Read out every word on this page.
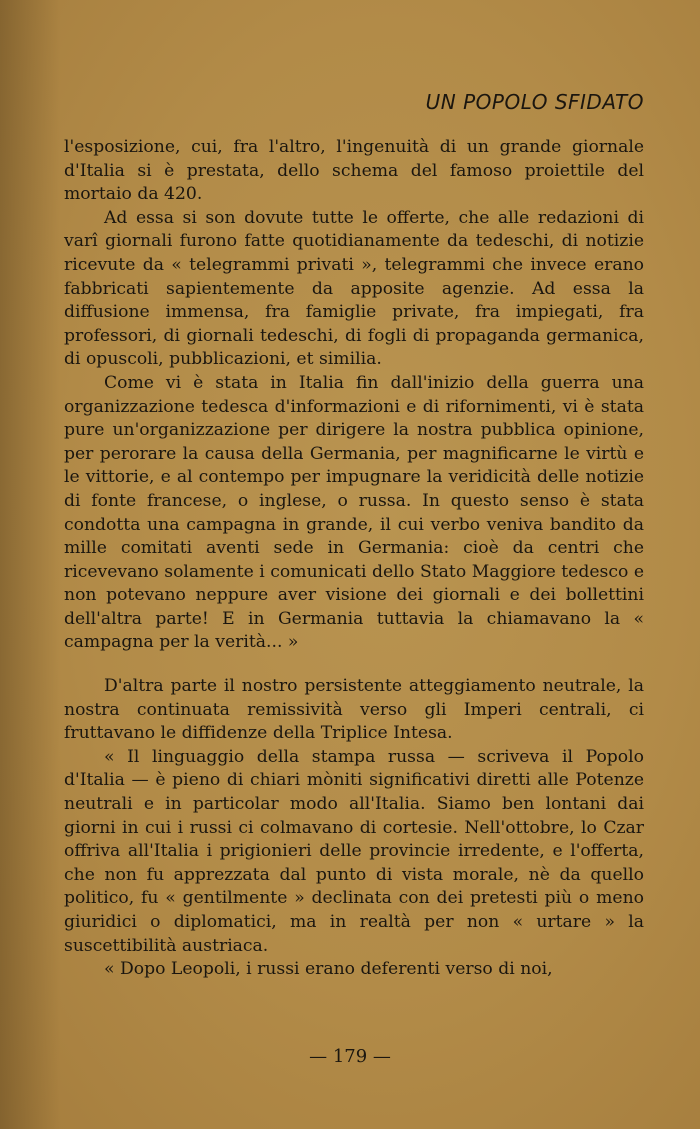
UN POPOLO SFIDATO

l'esposizione, cui, fra l'altro, l'ingenuità di un grande giornale d'Italia si è prestata, dello schema del famoso proiettile del mortaio da 420.

Ad essa si son dovute tutte le offerte, che alle redazioni di varî giornali furono fatte quotidianamente da tedeschi, di notizie ricevute da « telegrammi privati », telegrammi che invece erano fabbricati sapientemente da apposite agenzie. Ad essa la diffusione immensa, fra famiglie private, fra impiegati, fra professori, di giornali tedeschi, di fogli di propaganda germanica, di opuscoli, pubblicazioni, et similia.

Come vi è stata in Italia fin dall'inizio della guerra una organizzazione tedesca d'informazioni e di rifornimenti, vi è stata pure un'organizzazione per dirigere la nostra pubblica opinione, per perorare la causa della Germania, per magnificarne le virtù e le vittorie, e al contempo per impugnare la veridicità delle notizie di fonte francese, o inglese, o russa. In questo senso è stata condotta una campagna in grande, il cui verbo veniva bandito da mille comitati aventi sede in Germania: cioè da centri che ricevevano solamente i comunicati dello Stato Maggiore tedesco e non potevano neppure aver visione dei giornali e dei bollettini dell'altra parte! E in Germania tuttavia la chiamavano la « campagna per la verità... »

D'altra parte il nostro persistente atteggiamento neutrale, la nostra continuata remissività verso gli Imperi centrali, ci fruttavano le diffidenze della Triplice Intesa.

« Il linguaggio della stampa russa — scriveva il Popolo d'Italia — è pieno di chiari mòniti significativi diretti alle Potenze neutrali e in particolar modo all'Italia. Siamo ben lontani dai giorni in cui i russi ci colmavano di cortesie. Nell'ottobre, lo Czar offriva all'Italia i prigionieri delle provincie irredente, e l'offerta, che non fu apprezzata dal punto di vista morale, nè da quello politico, fu « gentilmente » declinata con dei pretesti più o meno giuridici o diplomatici, ma in realtà per non « urtare » la suscettibilità austriaca.

« Dopo Leopoli, i russi erano deferenti verso di noi,

— 179 —
